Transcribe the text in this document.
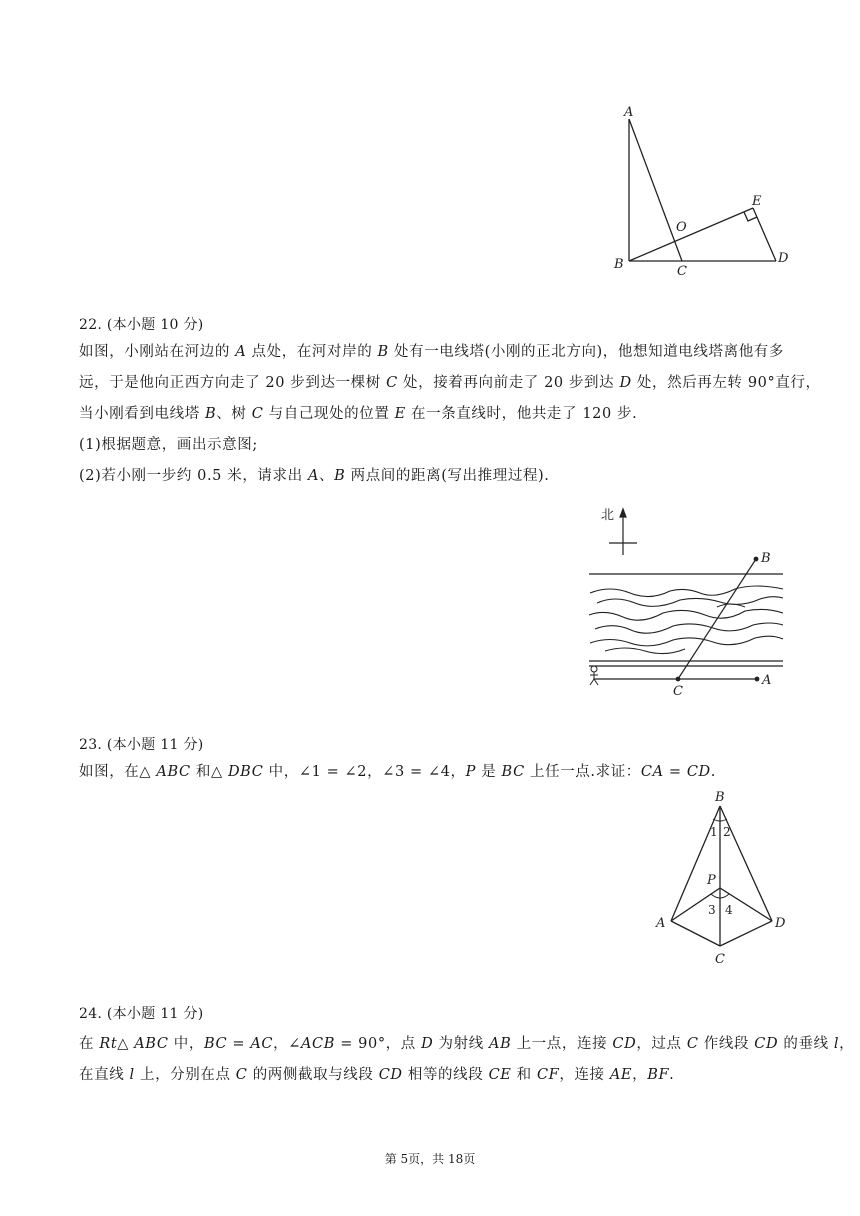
A
B	C
D
E
O
22. (本小题 10 分)
如图，小刚站在河边的 A 点处，在河对岸的 B 处有一电线塔(小刚的正北方向)，他想知道电线塔离他有多
远，于是他向正西方向走了 20 步到达一棵树 C 处，接着再向前走了 20 步到达 D 处，然后再左转 90°直行，
当小刚看到电线塔 B、树 C 与自己现处的位置 E 在一条直线时，他共走了 120 步.
(1)根据题意，画出示意图;
(2)若小刚一步约 0.5 米，请求出 A、B 两点间的距离(写出推理过程).
北
B
C
A
23. (本小题 11 分)
如图，在△ ABC 和△ DBC 中，∠1 = ∠2，∠3 = ∠4，P 是 BC 上任一点.求证：CA = CD.
B
A	D
C
P
1 2
3 4
24. (本小题 11 分)
在 Rt△ ABC 中，BC = AC，∠ACB = 90°，点 D 为射线 AB 上一点，连接 CD，过点 C 作线段 CD 的垂线 l，
在直线 l 上，分别在点 C 的两侧截取与线段 CD 相等的线段 CE 和 CF，连接 AE，BF.
第 5页，共 18页
